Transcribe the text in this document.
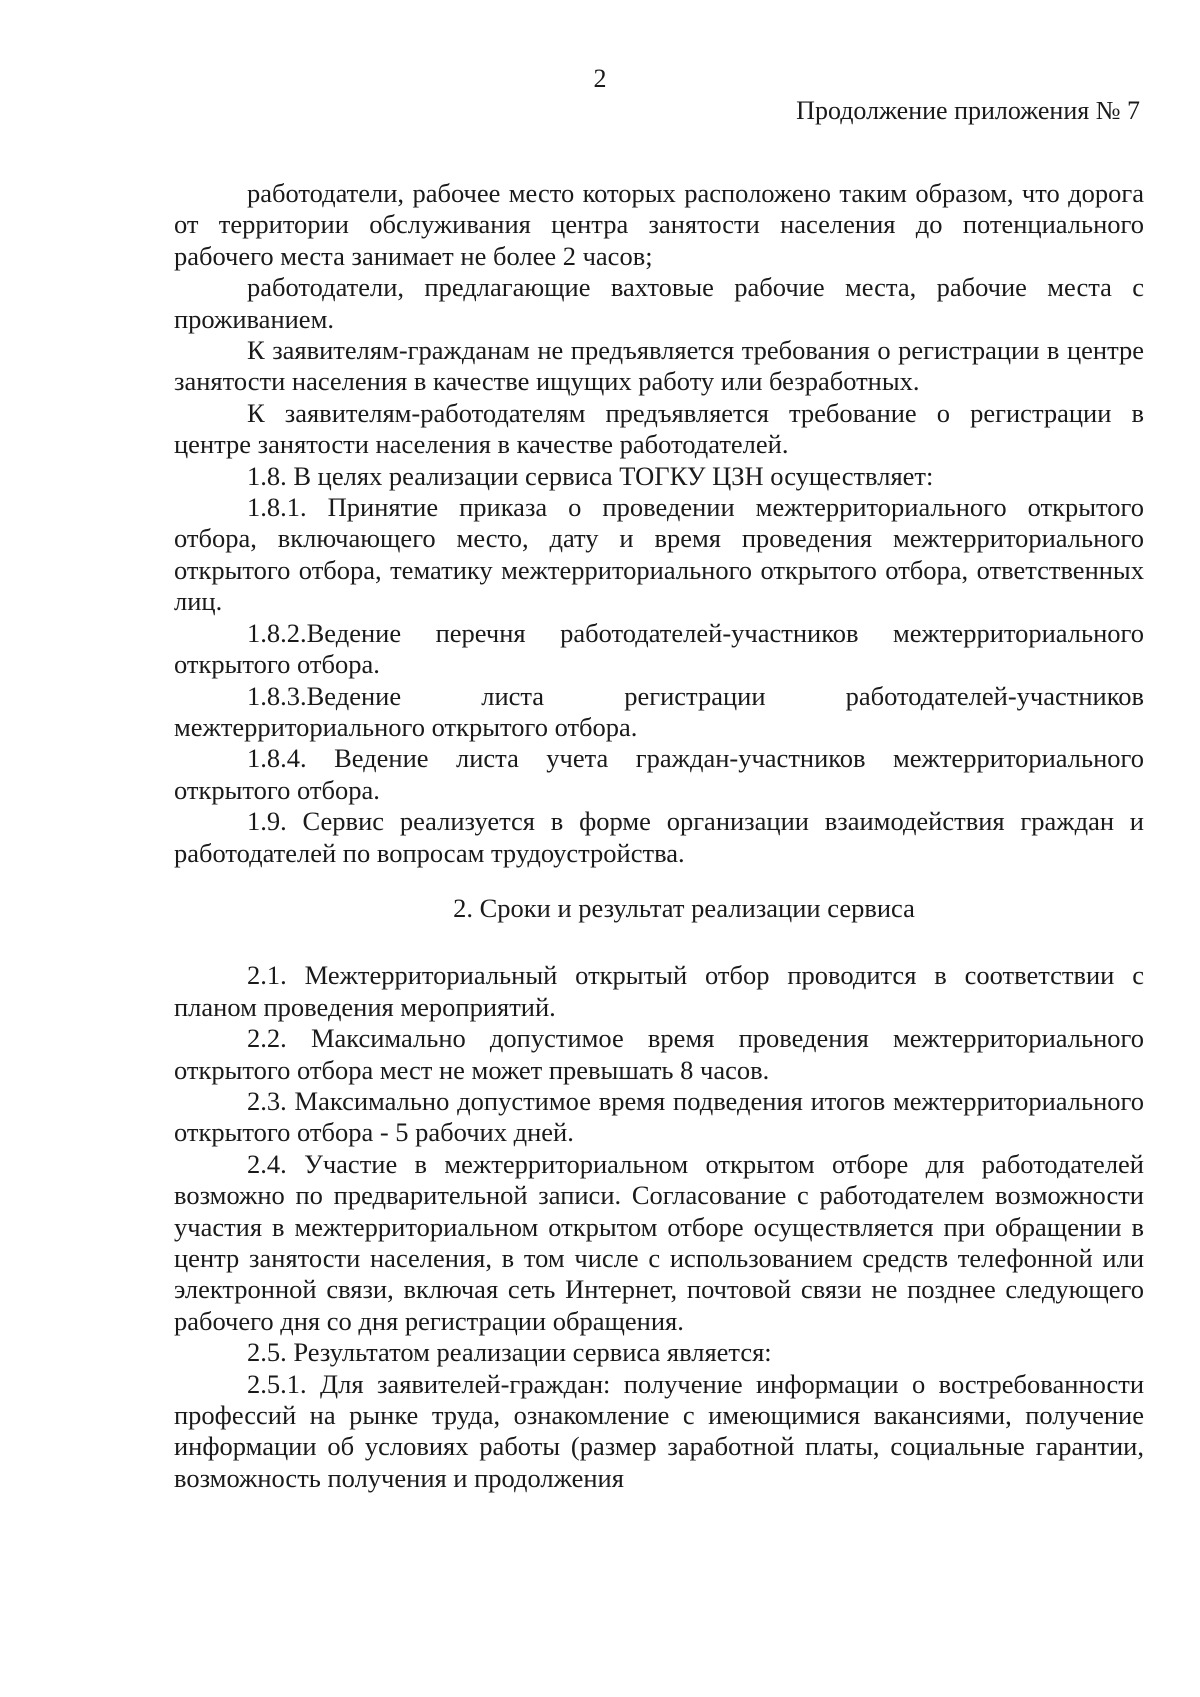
2
Продолжение приложения № 7

работодатели, рабочее место которых расположено таким образом, что дорога от территории обслуживания центра занятости населения до потенциального рабочего места занимает не более 2 часов;

работодатели, предлагающие вахтовые рабочие места, рабочие места с проживанием.

К заявителям-гражданам не предъявляется требования о регистрации в центре занятости населения в качестве ищущих работу или безработных.

К заявителям-работодателям предъявляется требование о регистрации в центре занятости населения в качестве работодателей.

1.8. В целях реализации сервиса ТОГКУ ЦЗН осуществляет:

1.8.1. Принятие приказа о проведении межтерриториального открытого отбора, включающего место, дату и время проведения межтерриториального открытого отбора, тематику межтерриториального открытого отбора, ответственных лиц.

1.8.2.Ведение перечня работодателей-участников межтерриториального открытого отбора.

1.8.3.Ведение листа регистрации работодателей-участников межтерриториального открытого отбора.

1.8.4. Ведение листа учета граждан-участников межтерриториального открытого отбора.

1.9. Сервис реализуется в форме организации взаимодействия граждан и работодателей по вопросам трудоустройства.

2. Сроки и результат реализации сервиса

2.1. Межтерриториальный открытый отбор проводится в соответствии с планом проведения мероприятий.

2.2. Максимально допустимое время проведения межтерриториального открытого отбора мест не может превышать 8 часов.

2.3. Максимально допустимое время подведения итогов межтерриториального открытого отбора - 5 рабочих дней.

2.4. Участие в межтерриториальном открытом отборе для работодателей возможно по предварительной записи. Согласование с работодателем возможности участия в межтерриториальном открытом отборе осуществляется при обращении в центр занятости населения, в том числе с использованием средств телефонной или электронной связи, включая сеть Интернет, почтовой связи не позднее следующего рабочего дня со дня регистрации обращения.

2.5. Результатом реализации сервиса является:

2.5.1. Для заявителей-граждан: получение информации о востребованности профессий на рынке труда, ознакомление с имеющимися вакансиями, получение информации об условиях работы (размер заработной платы, социальные гарантии, возможность получения и продолжения
